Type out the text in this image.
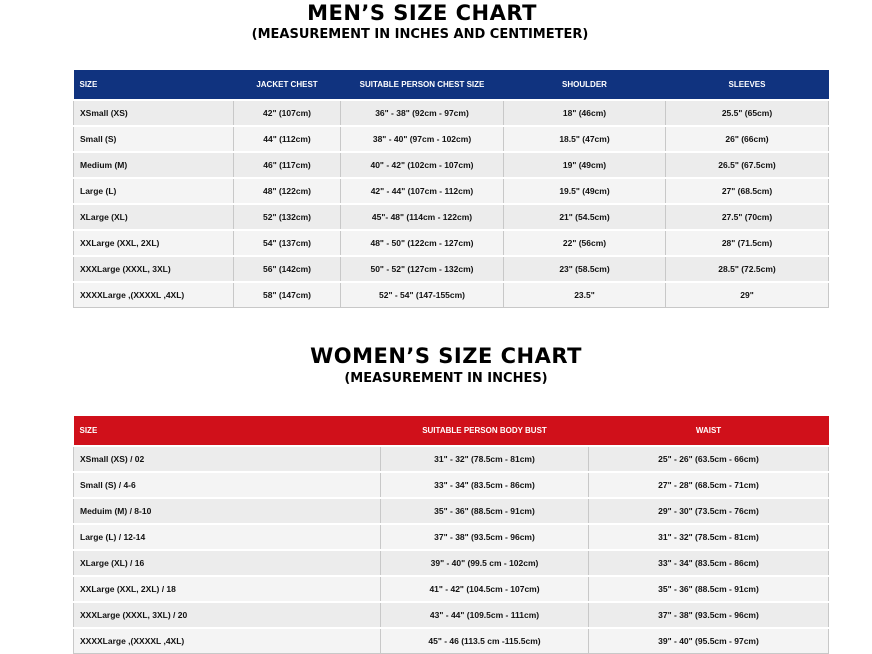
MEN’S SIZE CHART
(MEASUREMENT IN INCHES AND CENTIMETER)
SIZE	JACKET CHEST	SUITABLE PERSON CHEST SIZE	SHOULDER	SLEEVES
XSmall (XS)	42" (107cm)	36" - 38" (92cm - 97cm)	18" (46cm)	25.5" (65cm)
Small (S)	44" (112cm)	38" - 40" (97cm - 102cm)	18.5" (47cm)	26" (66cm)
Medium (M)	46" (117cm)	40" - 42" (102cm - 107cm)	19" (49cm)	26.5" (67.5cm)
Large (L)	48" (122cm)	42" - 44" (107cm - 112cm)	19.5" (49cm)	27" (68.5cm)
XLarge (XL)	52" (132cm)	45"- 48" (114cm - 122cm)	21" (54.5cm)	27.5" (70cm)
XXLarge (XXL, 2XL)	54" (137cm)	48" - 50" (122cm - 127cm)	22" (56cm)	28" (71.5cm)
XXXLarge (XXXL, 3XL)	56" (142cm)	50" - 52" (127cm - 132cm)	23" (58.5cm)	28.5" (72.5cm)
XXXXLarge ,(XXXXL ,4XL)	58" (147cm)	52" - 54" (147-155cm)	23.5"	29"
WOMEN’S SIZE CHART
(MEASUREMENT IN INCHES)
SIZE	SUITABLE PERSON BODY BUST	WAIST
XSmall (XS) / 02	31" - 32" (78.5cm - 81cm)	25" - 26" (63.5cm - 66cm)
Small (S) / 4-6	33" - 34" (83.5cm - 86cm)	27" - 28" (68.5cm - 71cm)
Meduim (M) / 8-10	35" - 36" (88.5cm - 91cm)	29" - 30" (73.5cm - 76cm)
Large (L) / 12-14	37" - 38" (93.5cm - 96cm)	31" - 32" (78.5cm - 81cm)
XLarge (XL) / 16	39" - 40" (99.5 cm - 102cm)	33" - 34" (83.5cm - 86cm)
XXLarge (XXL, 2XL) / 18	41" - 42" (104.5cm - 107cm)	35" - 36" (88.5cm - 91cm)
XXXLarge (XXXL, 3XL) / 20	43" - 44" (109.5cm - 111cm)	37" - 38" (93.5cm - 96cm)
XXXXLarge ,(XXXXL ,4XL)	45" - 46 (113.5 cm -115.5cm)	39" - 40" (95.5cm - 97cm)
